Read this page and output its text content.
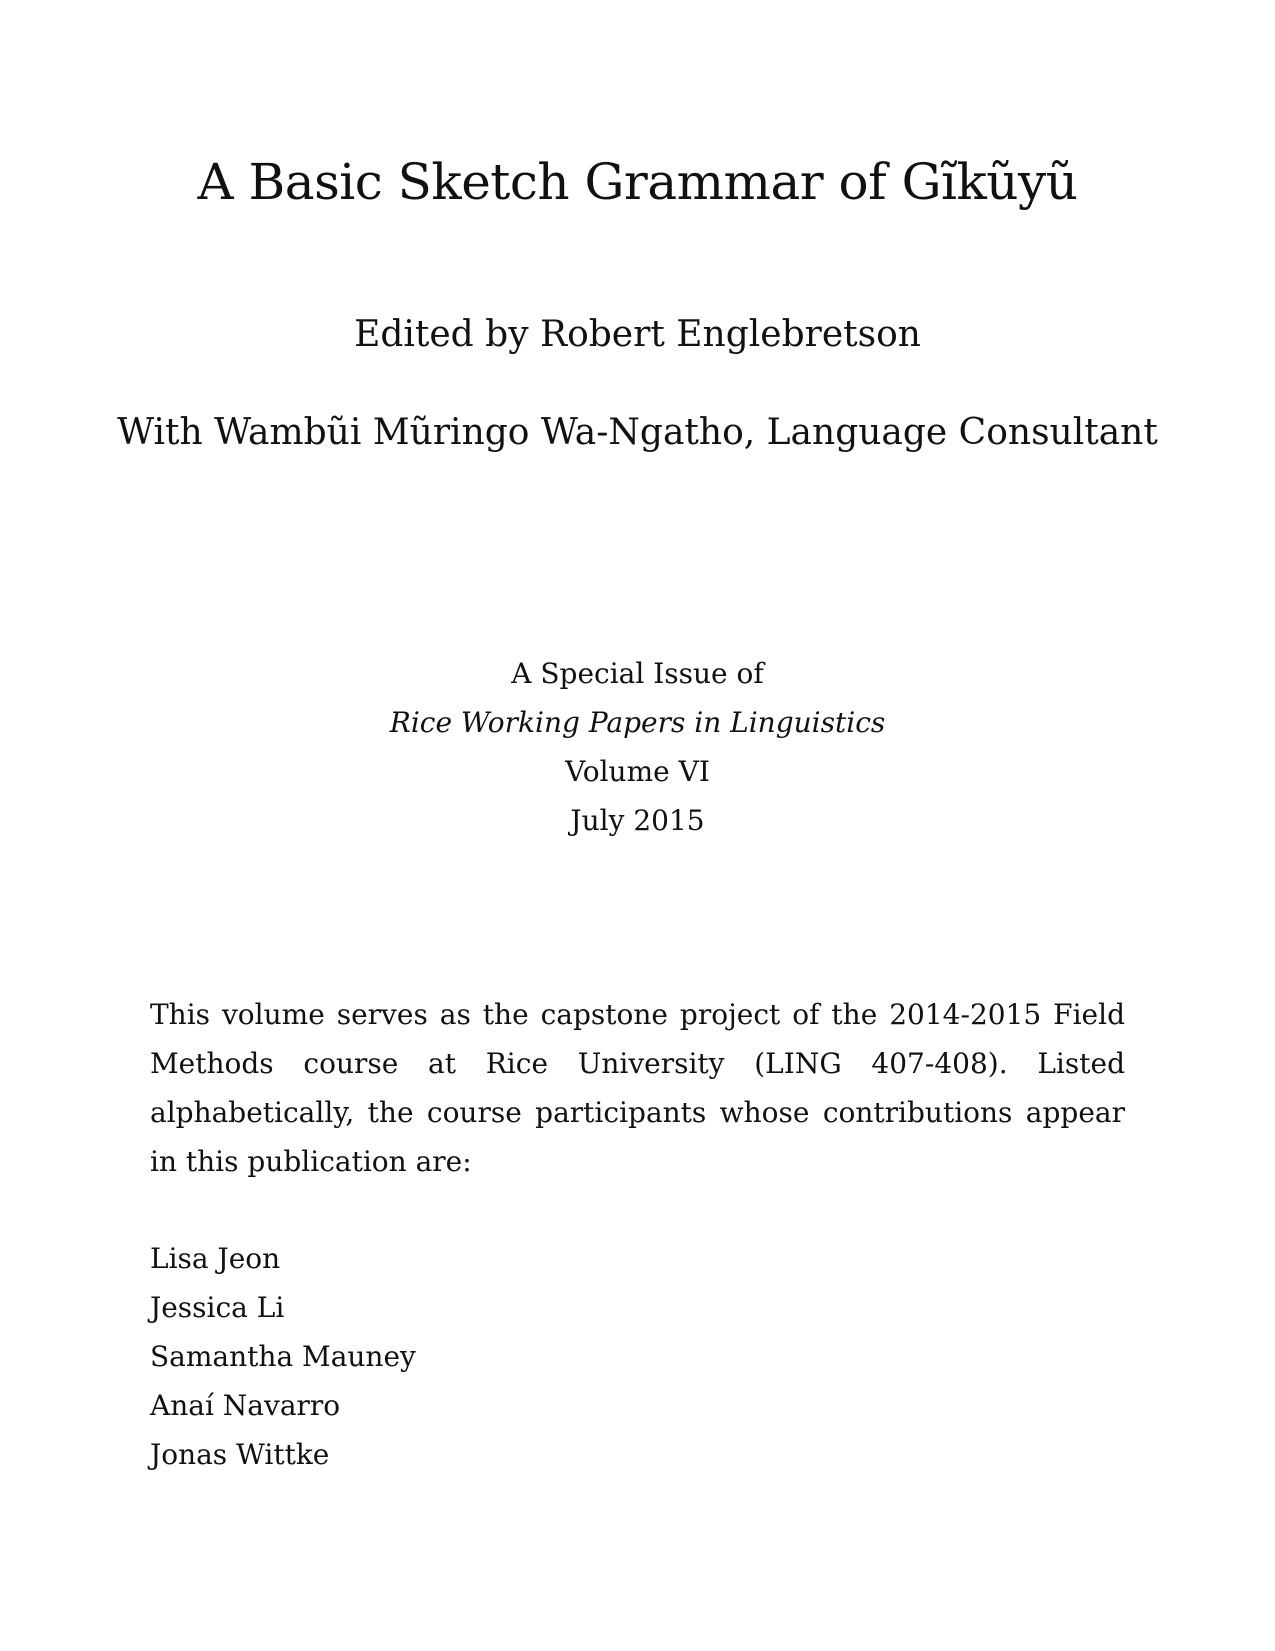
A Basic Sketch Grammar of Gĩkũyũ
Edited by Robert Englebretson
With Wambũi Mũringo Wa-Ngatho, Language Consultant
A Special Issue of
Rice Working Papers in Linguistics
Volume VI
July 2015
This volume serves as the capstone project of the 2014-2015 Field Methods course at Rice University (LING 407-408). Listed alphabetically, the course participants whose contributions appear in this publication are:
Lisa Jeon
Jessica Li
Samantha Mauney
Anaí Navarro
Jonas Wittke
